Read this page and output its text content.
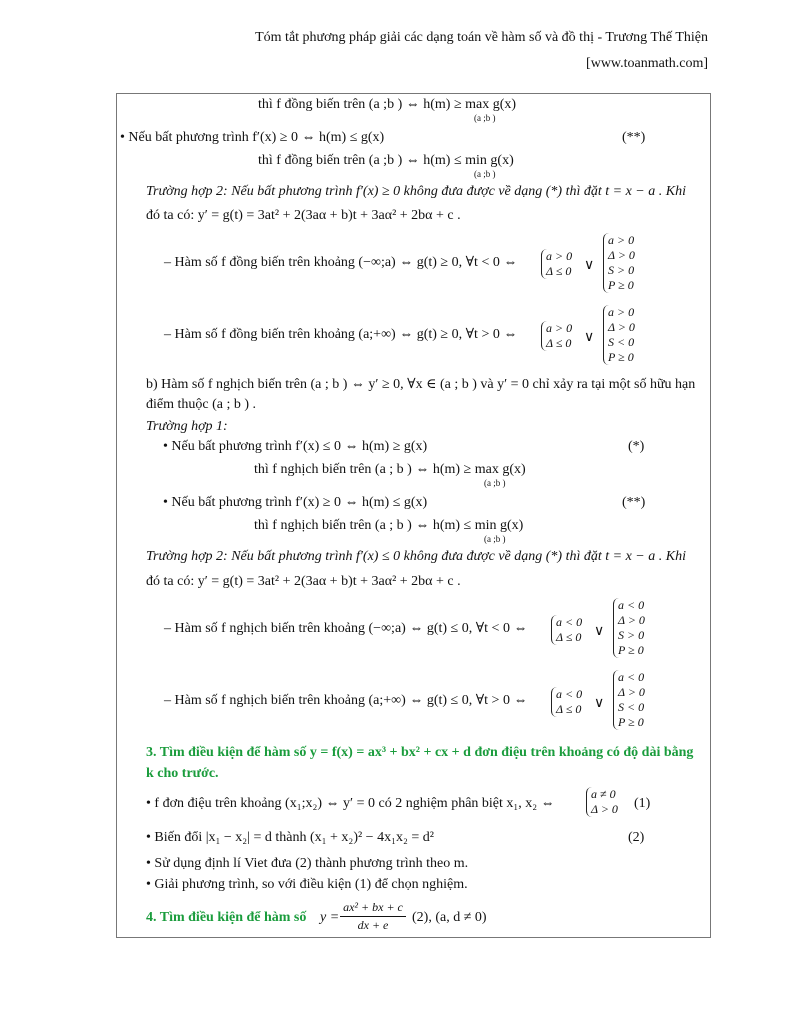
Tóm tắt phương pháp giải các dạng toán về hàm số và đồ thị - Trương Thế Thiện
[www.toanmath.com]
thì f đồng biến trên (a ;b ) ⇔ h(m) ≥ max g(x)
(a ;b )
• Nếu bất phương trình f′(x) ≥ 0 ⇔ h(m) ≤ g(x)	(**)
thì f đồng biến trên (a ;b ) ⇔ h(m) ≤ min g(x)
(a ;b )
Trường hợp 2: Nếu bất phương trình f′(x) ≥ 0 không đưa được về dạng (*) thì đặt t = x − a . Khi
đó ta có: y′ = g(t) = 3at² + 2(3aα + b)t + 3aα² + 2bα + c .
– Hàm số f đồng biến trên khoảng (−∞;a) ⇔ g(t) ≥ 0, ∀t < 0 ⇔ a > 0
Δ ≤ 0 ∨
a > 0
Δ > 0
S > 0
P ≥ 0
– Hàm số f đồng biến trên khoảng (a;+∞) ⇔ g(t) ≥ 0, ∀t > 0 ⇔ a > 0
Δ ≤ 0 ∨
a > 0
Δ > 0
S < 0
P ≥ 0
b) Hàm số f nghịch biến trên (a ; b ) ⇔ y′ ≥ 0, ∀x ∈ (a ; b ) và y′ = 0 chỉ xảy ra tại một số hữu hạn
điểm thuộc (a ; b ) .
Trường hợp 1:
• Nếu bất phương trình f′(x) ≤ 0 ⇔ h(m) ≥ g(x)	(*)
thì f nghịch biến trên (a ; b ) ⇔ h(m) ≥ max g(x)
(a ;b )
• Nếu bất phương trình f′(x) ≥ 0 ⇔ h(m) ≤ g(x)	(**)
thì f nghịch biến trên (a ; b ) ⇔ h(m) ≤ min g(x)
(a ;b )
Trường hợp 2: Nếu bất phương trình f′(x) ≤ 0 không đưa được về dạng (*) thì đặt t = x − a . Khi
đó ta có: y′ = g(t) = 3at² + 2(3aα + b)t + 3aα² + 2bα + c .
– Hàm số f nghịch biến trên khoảng (−∞;a) ⇔ g(t) ≤ 0, ∀t < 0 ⇔ a < 0
Δ ≤ 0 ∨
a < 0
Δ > 0
S > 0
P ≥ 0
– Hàm số f nghịch biến trên khoảng (a;+∞) ⇔ g(t) ≤ 0, ∀t > 0 ⇔ a < 0
Δ ≤ 0 ∨
a < 0
Δ > 0
S < 0
P ≥ 0
3. Tìm điều kiện để hàm số y = f(x) = ax³ + bx² + cx + d đơn điệu trên khoảng có độ dài bằng
k cho trước.
• f đơn điệu trên khoảng (x₁;x₂) ⇔ y′ = 0 có 2 nghiệm phân biệt x₁, x₂ ⇔
a ≠ 0
Δ > 0 (1)
• Biến đổi |x₁ − x₂| = d thành (x₁ + x₂)² − 4x₁x₂ = d²	(2)
• Sử dụng định lí Viet đưa (2) thành phương trình theo m.
• Giải phương trình, so với điều kiện (1) để chọn nghiệm.
4. Tìm điều kiện để hàm số y =
ax² + bx + c
dx + e	(2), (a, d ≠ 0)
